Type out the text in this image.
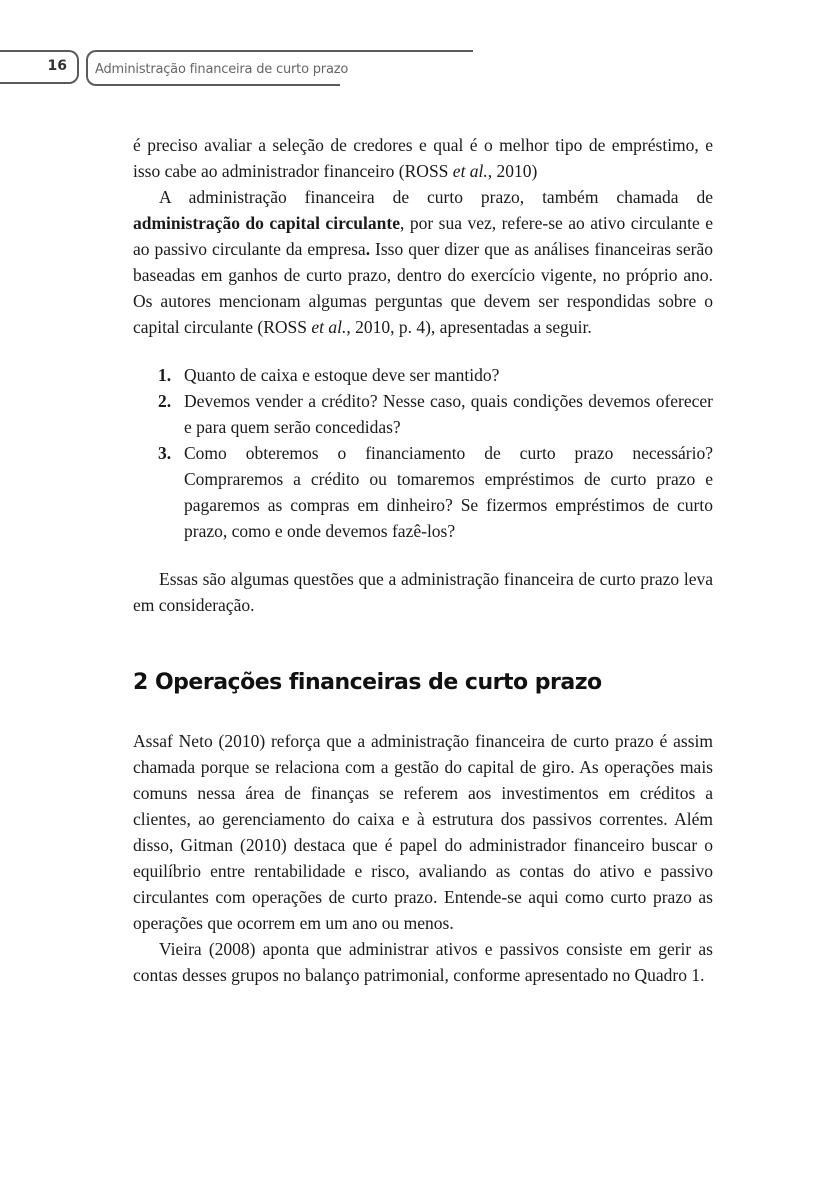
16 Administração financeira de curto prazo

é preciso avaliar a seleção de credores e qual é o melhor tipo de empréstimo, e isso cabe ao administrador financeiro (ROSS et al., 2010)

A administração financeira de curto prazo, também chamada de administração do capital circulante, por sua vez, refere-se ao ativo circulante e ao passivo circulante da empresa. Isso quer dizer que as análises financeiras serão baseadas em ganhos de curto prazo, dentro do exercício vigente, no próprio ano. Os autores mencionam algumas perguntas que devem ser respondidas sobre o capital circulante (ROSS et al., 2010, p. 4), apresentadas a seguir.

1. Quanto de caixa e estoque deve ser mantido?
2. Devemos vender a crédito? Nesse caso, quais condições devemos oferecer e para quem serão concedidas?
3. Como obteremos o financiamento de curto prazo necessário? Compraremos a crédito ou tomaremos empréstimos de curto prazo e pagaremos as compras em dinheiro? Se fizermos empréstimos de curto prazo, como e onde devemos fazê-los?

Essas são algumas questões que a administração financeira de curto prazo leva em consideração.

2 Operações financeiras de curto prazo

Assaf Neto (2010) reforça que a administração financeira de curto prazo é assim chamada porque se relaciona com a gestão do capital de giro. As operações mais comuns nessa área de finanças se referem aos investimentos em créditos a clientes, ao gerenciamento do caixa e à estrutura dos passivos correntes. Além disso, Gitman (2010) destaca que é papel do administrador financeiro buscar o equilíbrio entre rentabilidade e risco, avaliando as contas do ativo e passivo circulantes com operações de curto prazo. Entende-se aqui como curto prazo as operações que ocorrem em um ano ou menos.

Vieira (2008) aponta que administrar ativos e passivos consiste em gerir as contas desses grupos no balanço patrimonial, conforme apresentado no Quadro 1.
